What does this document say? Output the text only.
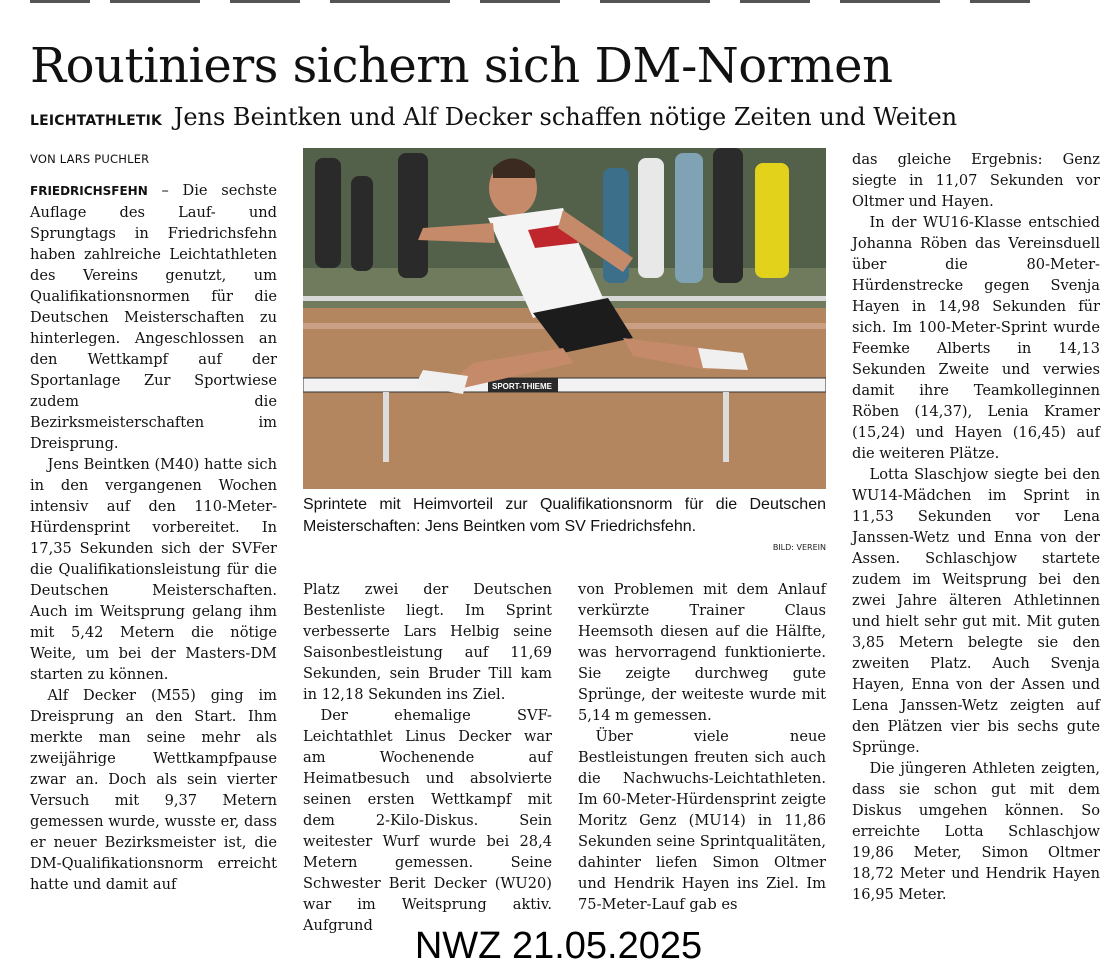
Routiniers sichern sich DM-Normen
LEICHTATHLETIK Jens Beintken und Alf Decker schaffen nötige Zeiten und Weiten
VON LARS PUCHLER

FRIEDRICHSFEHN – Die sechste Auflage des Lauf- und Sprungtags in Friedrichsfehn haben zahlreiche Leichtathleten des Vereins genutzt, um Qualifikationsnormen für die Deutschen Meisterschaften zu hinterlegen. Angeschlossen an den Wettkampf auf der Sportanlage Zur Sportwiese zudem die Bezirksmeisterschaften im Dreisprung.

Jens Beintken (M40) hatte sich in den vergangenen Wochen intensiv auf den 110-Meter-Hürdensprint vorbereitet. In 17,35 Sekunden sich der SVFer die Qualifikationsleistung für die Deutschen Meisterschaften. Auch im Weitsprung gelang ihm mit 5,42 Metern die nötige Weite, um bei der Masters-DM starten zu können.

Alf Decker (M55) ging im Dreisprung an den Start. Ihm merkte man seine mehr als zweijährige Wettkampfpause zwar an. Doch als sein vierter Versuch mit 9,37 Metern gemessen wurde, wusste er, dass er neuer Bezirksmeister ist, die DM-Qualifikationsnorm erreicht hatte und damit auf

SPORT-THIEME

Sprintete mit Heimvorteil zur Qualifikationsnorm für die Deutschen Meisterschaften: Jens Beintken vom SV Friedrichsfehn.

BILD: VEREIN

Platz zwei der Deutschen Bestenliste liegt. Im Sprint verbesserte Lars Helbig seine Saisonbestleistung auf 11,69 Sekunden, sein Bruder Till kam in 12,18 Sekunden ins Ziel.

Der ehemalige SVF-Leichtathlet Linus Decker war am Wochenende auf Heimatbesuch und absolvierte seinen ersten Wettkampf mit dem 2-Kilo-Diskus. Sein weitester Wurf wurde bei 28,4 Metern gemessen. Seine Schwester Berit Decker (WU20) war im Weitsprung aktiv. Aufgrund

von Problemen mit dem Anlauf verkürzte Trainer Claus Heemsoth diesen auf die Hälfte, was hervorragend funktionierte. Sie zeigte durchweg gute Sprünge, der weiteste wurde mit 5,14 m gemessen.

Über viele neue Bestleistungen freuten sich auch die Nachwuchs-Leichtathleten. Im 60-Meter-Hürdensprint zeigte Moritz Genz (MU14) in 11,86 Sekunden seine Sprintqualitäten, dahinter liefen Simon Oltmer und Hendrik Hayen ins Ziel. Im 75-Meter-Lauf gab es

das gleiche Ergebnis: Genz siegte in 11,07 Sekunden vor Oltmer und Hayen.

In der WU16-Klasse entschied Johanna Röben das Vereinsduell über die 80-Meter-Hürdenstrecke gegen Svenja Hayen in 14,98 Sekunden für sich. Im 100-Meter-Sprint wurde Feemke Alberts in 14,13 Sekunden Zweite und verwies damit ihre Teamkolleginnen Röben (14,37), Lenia Kramer (15,24) und Hayen (16,45) auf die weiteren Plätze.

Lotta Slaschjow siegte bei den WU14-Mädchen im Sprint in 11,53 Sekunden vor Lena Janssen-Wetz und Enna von der Assen. Schlaschjow startete zudem im Weitsprung bei den zwei Jahre älteren Athletinnen und hielt sehr gut mit. Mit guten 3,85 Metern belegte sie den zweiten Platz. Auch Svenja Hayen, Enna von der Assen und Lena Janssen-Wetz zeigten auf den Plätzen vier bis sechs gute Sprünge.

Die jüngeren Athleten zeigten, dass sie schon gut mit dem Diskus umgehen können. So erreichte Lotta Schlaschjow 19,86 Meter, Simon Oltmer 18,72 Meter und Hendrik Hayen 16,95 Meter.

NWZ 21.05.2025
